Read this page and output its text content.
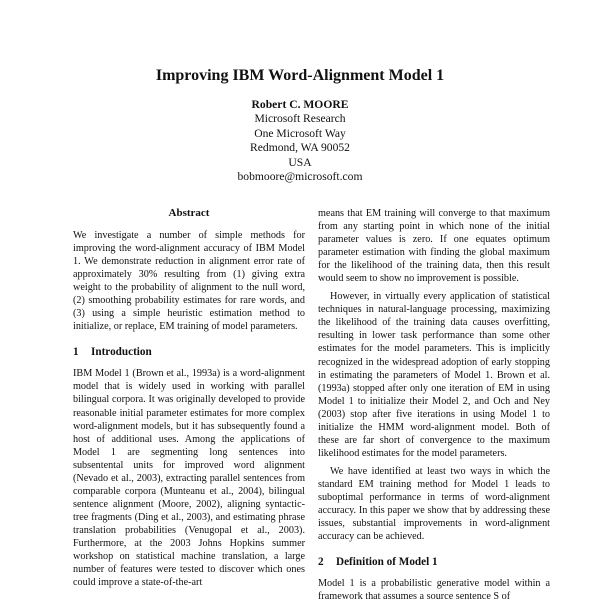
Improving IBM Word-Alignment Model 1
Robert C. MOORE
Microsoft Research
One Microsoft Way
Redmond, WA 90052
USA
bobmoore@microsoft.com
Abstract

We investigate a number of simple methods for improving the word-alignment accuracy of IBM Model 1. We demonstrate reduction in alignment error rate of approximately 30% resulting from (1) giving extra weight to the probability of alignment to the null word, (2) smoothing probability estimates for rare words, and (3) using a simple heuristic estimation method to initialize, or replace, EM training of model parameters.

1 Introduction

IBM Model 1 (Brown et al., 1993a) is a word-alignment model that is widely used in working with parallel bilingual corpora. It was originally developed to provide reasonable initial parameter estimates for more complex word-alignment models, but it has subsequently found a host of additional uses. Among the applications of Model 1 are segmenting long sentences into subsentental units for improved word alignment (Nevado et al., 2003), extracting parallel sentences from comparable corpora (Munteanu et al., 2004), bilingual sentence alignment (Moore, 2002), aligning syntactic-tree fragments (Ding et al., 2003), and estimating phrase translation probabilities (Venugopal et al., 2003). Furthermore, at the 2003 Johns Hopkins summer workshop on statistical machine translation, a large number of features were tested to discover which ones could improve a state-of-the-art

means that EM training will converge to that maximum from any starting point in which none of the initial parameter values is zero. If one equates optimum parameter estimation with finding the global maximum for the likelihood of the training data, then this result would seem to show no improvement is possible.

However, in virtually every application of statistical techniques in natural-language processing, maximizing the likelihood of the training data causes overfitting, resulting in lower task performance than some other estimates for the model parameters. This is implicitly recognized in the widespread adoption of early stopping in estimating the parameters of Model 1. Brown et al. (1993a) stopped after only one iteration of EM in using Model 1 to initialize their Model 2, and Och and Ney (2003) stop after five iterations in using Model 1 to initialize the HMM word-alignment model. Both of these are far short of convergence to the maximum likelihood estimates for the model parameters.

We have identified at least two ways in which the standard EM training method for Model 1 leads to suboptimal performance in terms of word-alignment accuracy. In this paper we show that by addressing these issues, substantial improvements in word-alignment accuracy can be achieved.

2 Definition of Model 1

Model 1 is a probabilistic generative model within a framework that assumes a source sentence S of
